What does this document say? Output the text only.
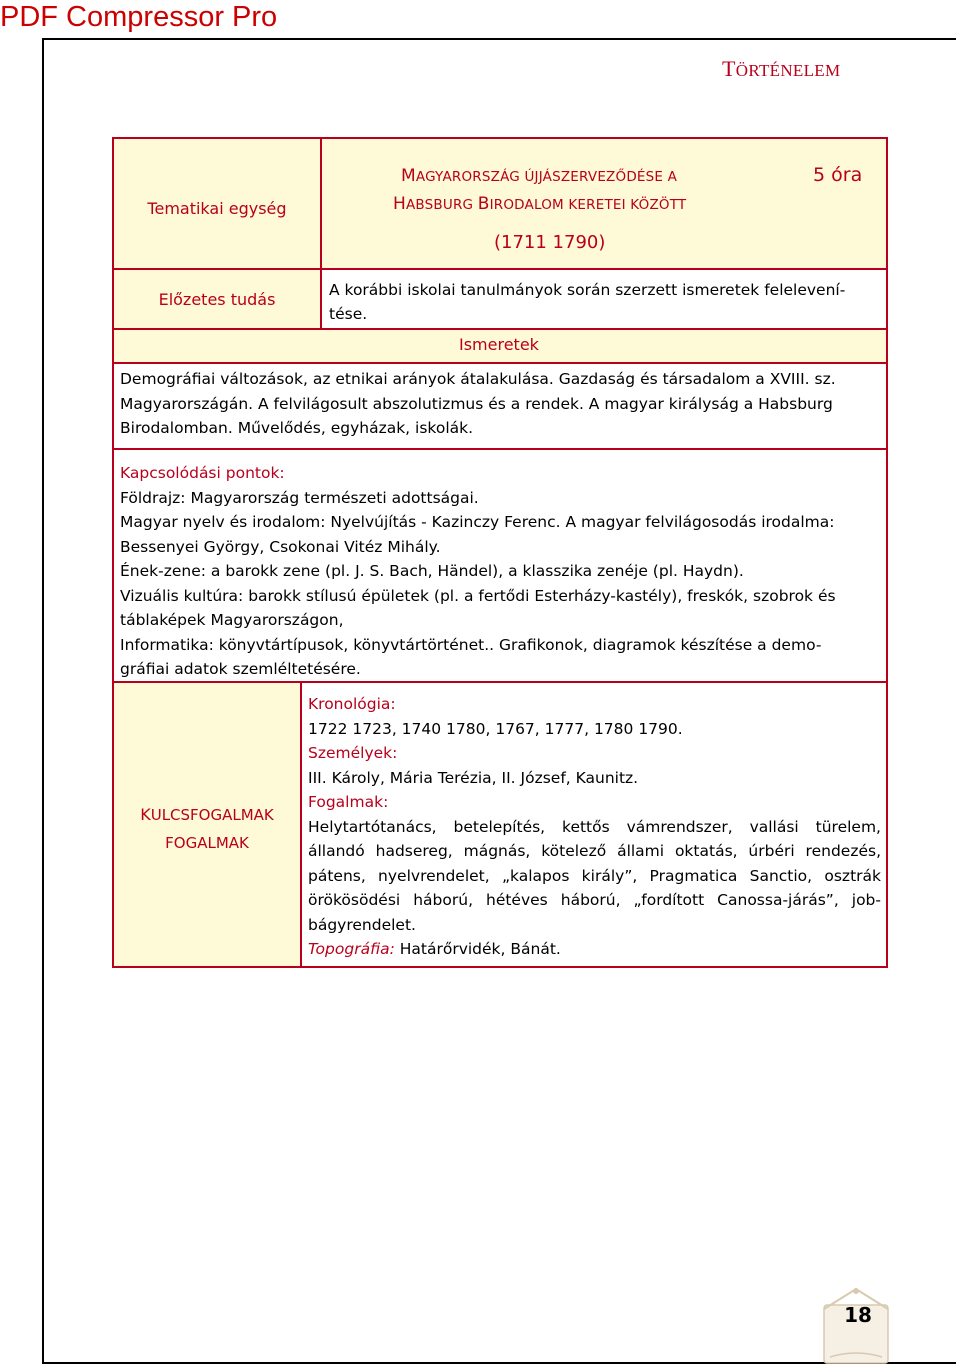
PDF Compressor Pro
TÖRTÉNELEM
Tematikai egység
MAGYARORSZÁG ÚJJÁSZERVEZŐDÉSE A
HABSBURG BIRODALOM KERETEI KÖZÖTT
(1711 1790)
5 óra
Előzetes tudás	A korábbi iskolai tanulmányok során szerzett ismeretek felelevení-

tése.

Ismeretek

Demográfiai változások, az etnikai arányok átalakulása. Gazdaság és társadalom a XVIII. sz.

Magyarországán. A felvilágosult abszolutizmus és a rendek. A magyar királyság a Habsburg

Birodalomban. Művelődés, egyházak, iskolák.

Kapcsolódási pontok:

Földrajz: Magyarország természeti adottságai.

Magyar nyelv és irodalom: Nyelvújítás - Kazinczy Ferenc. A magyar felvilágosodás irodalma:

Bessenyei György, Csokonai Vitéz Mihály.

Ének-zene: a barokk zene (pl. J. S. Bach, Händel), a klasszika zenéje (pl. Haydn).

Vizuális kultúra: barokk stílusú épületek (pl. a fertődi Esterházy-kastély), freskók, szobrok és

táblaképek Magyarországon,

Informatika: könyvtártípusok, könyvtártörténet.. Grafikonok, diagramok készítése a demo-

gráfiai adatok szemléltetésére.

KULCSFOGALMAK
FOGALMAK

Kronológia:

1722 1723, 1740 1780, 1767, 1777, 1780 1790.

Személyek:

III. Károly, Mária Terézia, II. József, Kaunitz.

Fogalmak:

Helytartótanács, betelepítés, kettős vámrendszer, vallási türelem,

állandó hadsereg, mágnás, kötelező állami oktatás, úrbéri rendezés,

pátens, nyelvrendelet, „kalapos király”, Pragmatica Sanctio, osztrák

örökösödési háború, hétéves háború, „fordított Canossa-járás”, job-

bágyrendelet.

Topográfia: Határőrvidék, Bánát.

18
